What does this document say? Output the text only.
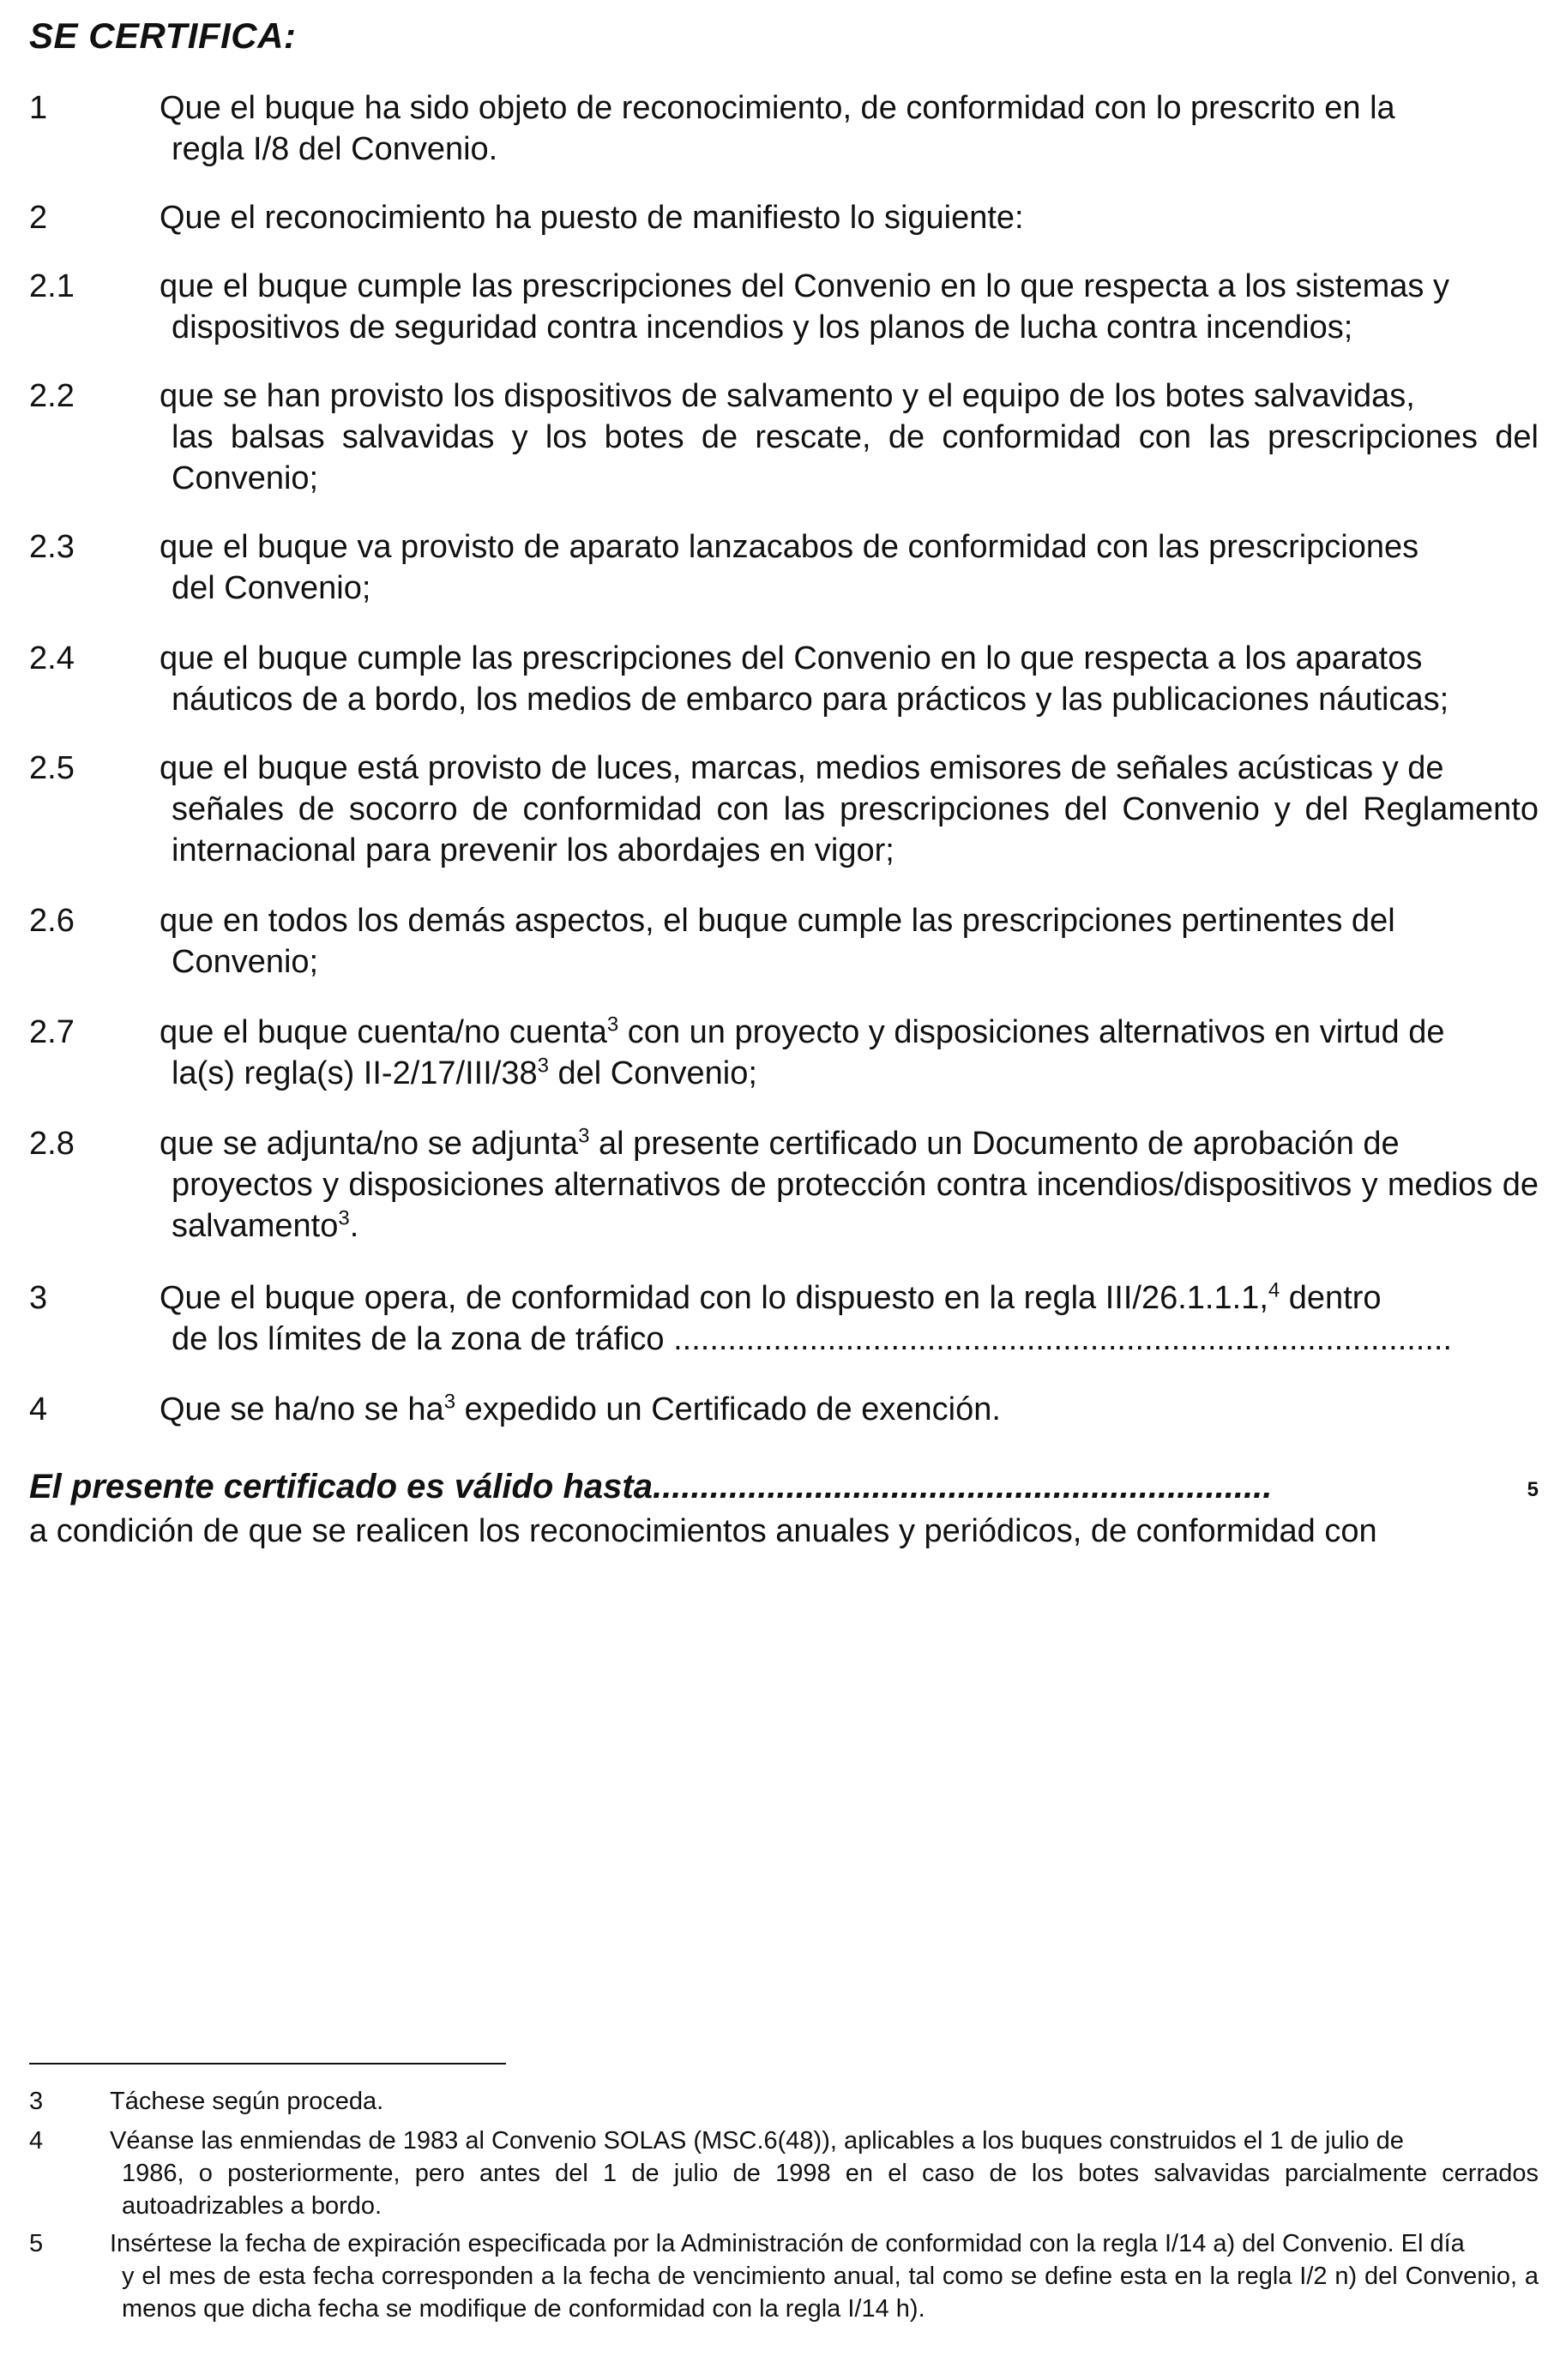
SE CERTIFICA:
1	Que el buque ha sido objeto de reconocimiento, de conformidad con lo prescrito en la
regla I/8 del Convenio.
2	Que el reconocimiento ha puesto de manifiesto lo siguiente:
2.1	que el buque cumple las prescripciones del Convenio en lo que respecta a los sistemas y
dispositivos de seguridad contra incendios y los planos de lucha contra incendios;
2.2	que se han provisto los dispositivos de salvamento y el equipo de los botes salvavidas,
las balsas salvavidas y los botes de rescate, de conformidad con las prescripciones del Convenio;
2.3	que el buque va provisto de aparato lanzacabos de conformidad con las prescripciones
del Convenio;
2.4	que el buque cumple las prescripciones del Convenio en lo que respecta a los aparatos
náuticos de a bordo, los medios de embarco para prácticos y las publicaciones náuticas;
2.5	que el buque está provisto de luces, marcas, medios emisores de señales acústicas y de
señales de socorro de conformidad con las prescripciones del Convenio y del Reglamento internacional para prevenir los abordajes en vigor;
2.6	que en todos los demás aspectos, el buque cumple las prescripciones pertinentes del
Convenio;
2.7	que el buque cuenta/no cuenta$^3$ con un proyecto y disposiciones alternativos en virtud de
la(s) regla(s) $II-2/17/III/38^3$ del Convenio;
2.8	que se adjunta/no se adjunta$^3$ al presente certificado un Documento de aprobación de
proyectos y disposiciones alternativos de protección contra incendios/dispositivos y medios de salvamento$^3$.
3	Que el buque opera, de conformidad con lo dispuesto en la regla III/26.1.1.1,$^4$ dentro
de los límites de la zona de tráfico ......................................................................................
4	Que se ha/no se $ha^3$ expedido un Certificado de exención.
El presente certificado es válido hasta.................................................................	5
a condición de que se realicen los reconocimientos anuales y periódicos, de conformidad con
3	Táchese según proceda.
4	Véanse las enmiendas de 1983 al Convenio SOLAS (MSC.6(48)), aplicables a los buques construidos el 1 de julio de
1986, o posteriormente, pero antes del 1 de julio de 1998 en el caso de los botes salvavidas parcialmente cerrados autoadrizables a bordo.
5	Insértese la fecha de expiración especificada por la Administración de conformidad con la regla I/14 a) del Convenio. El día
y el mes de esta fecha corresponden a la fecha de vencimiento anual, tal como se define esta en la regla I/2 n) del Convenio, a menos que dicha fecha se modifique de conformidad con la regla I/14 h).
